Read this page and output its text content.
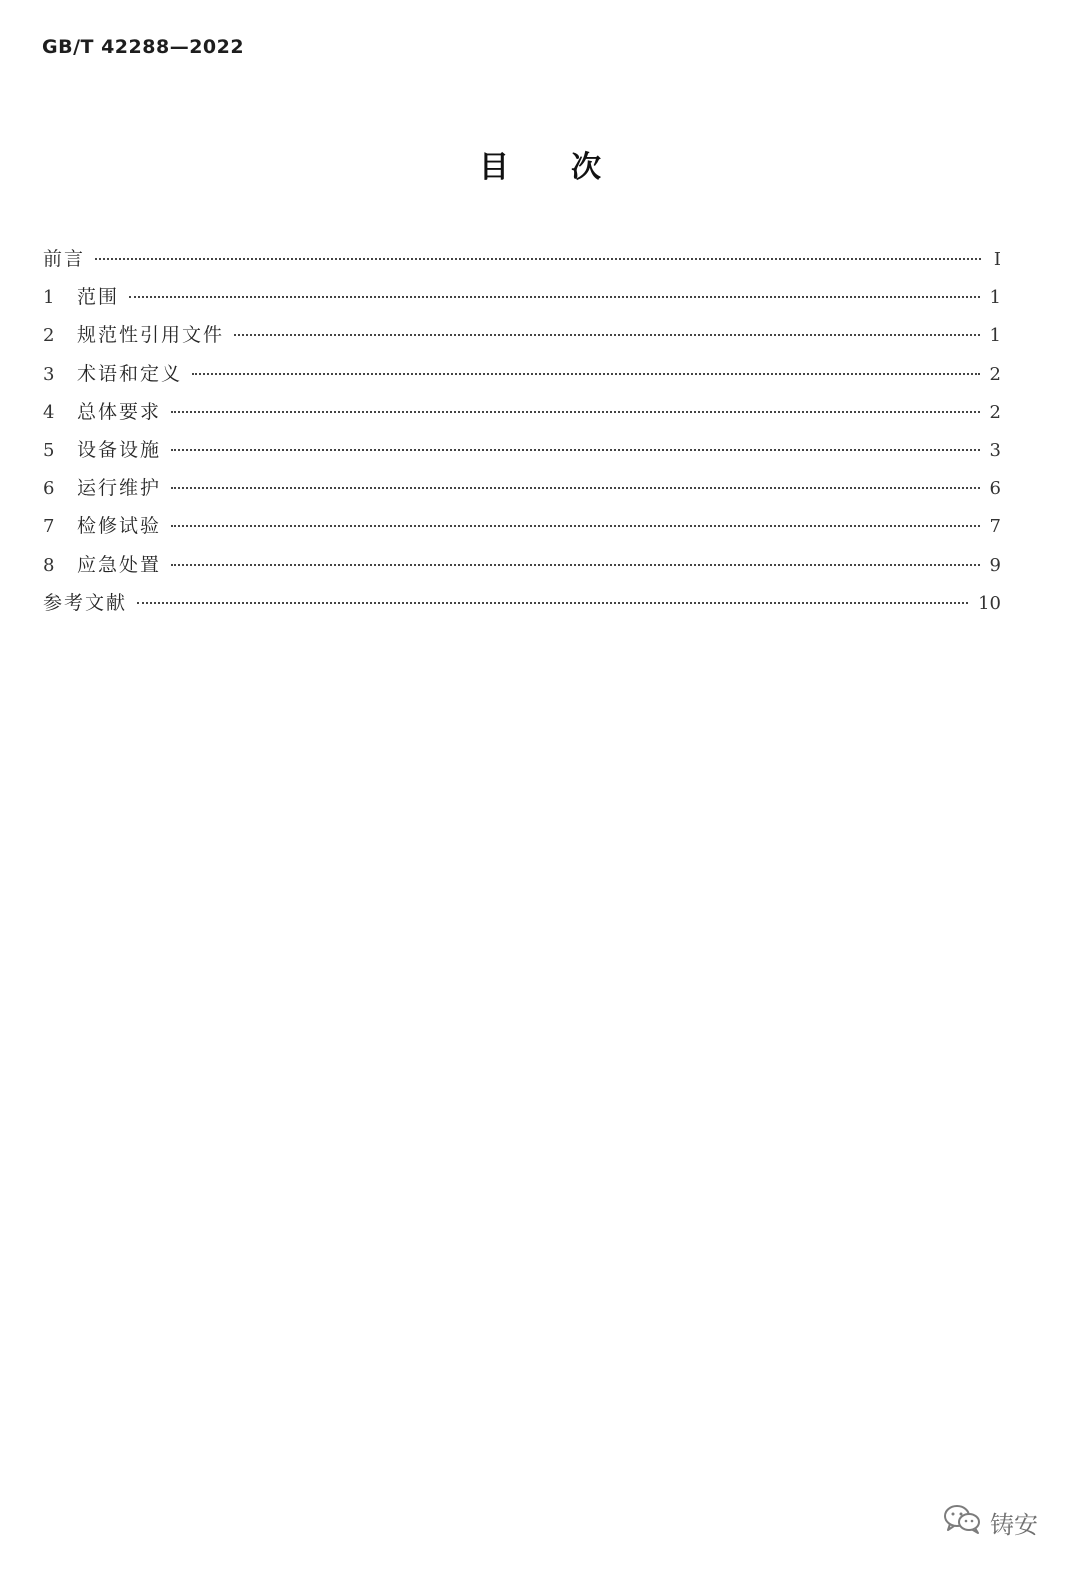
GB/T 42288—2022
目 次
前言	Ⅰ
1	范围	1
2	规范性引用文件	1
3	术语和定义	2
4	总体要求	2
5	设备设施	3
6	运行维护	6
7	检修试验	7
8	应急处置	9
参考文献	10
铸安
